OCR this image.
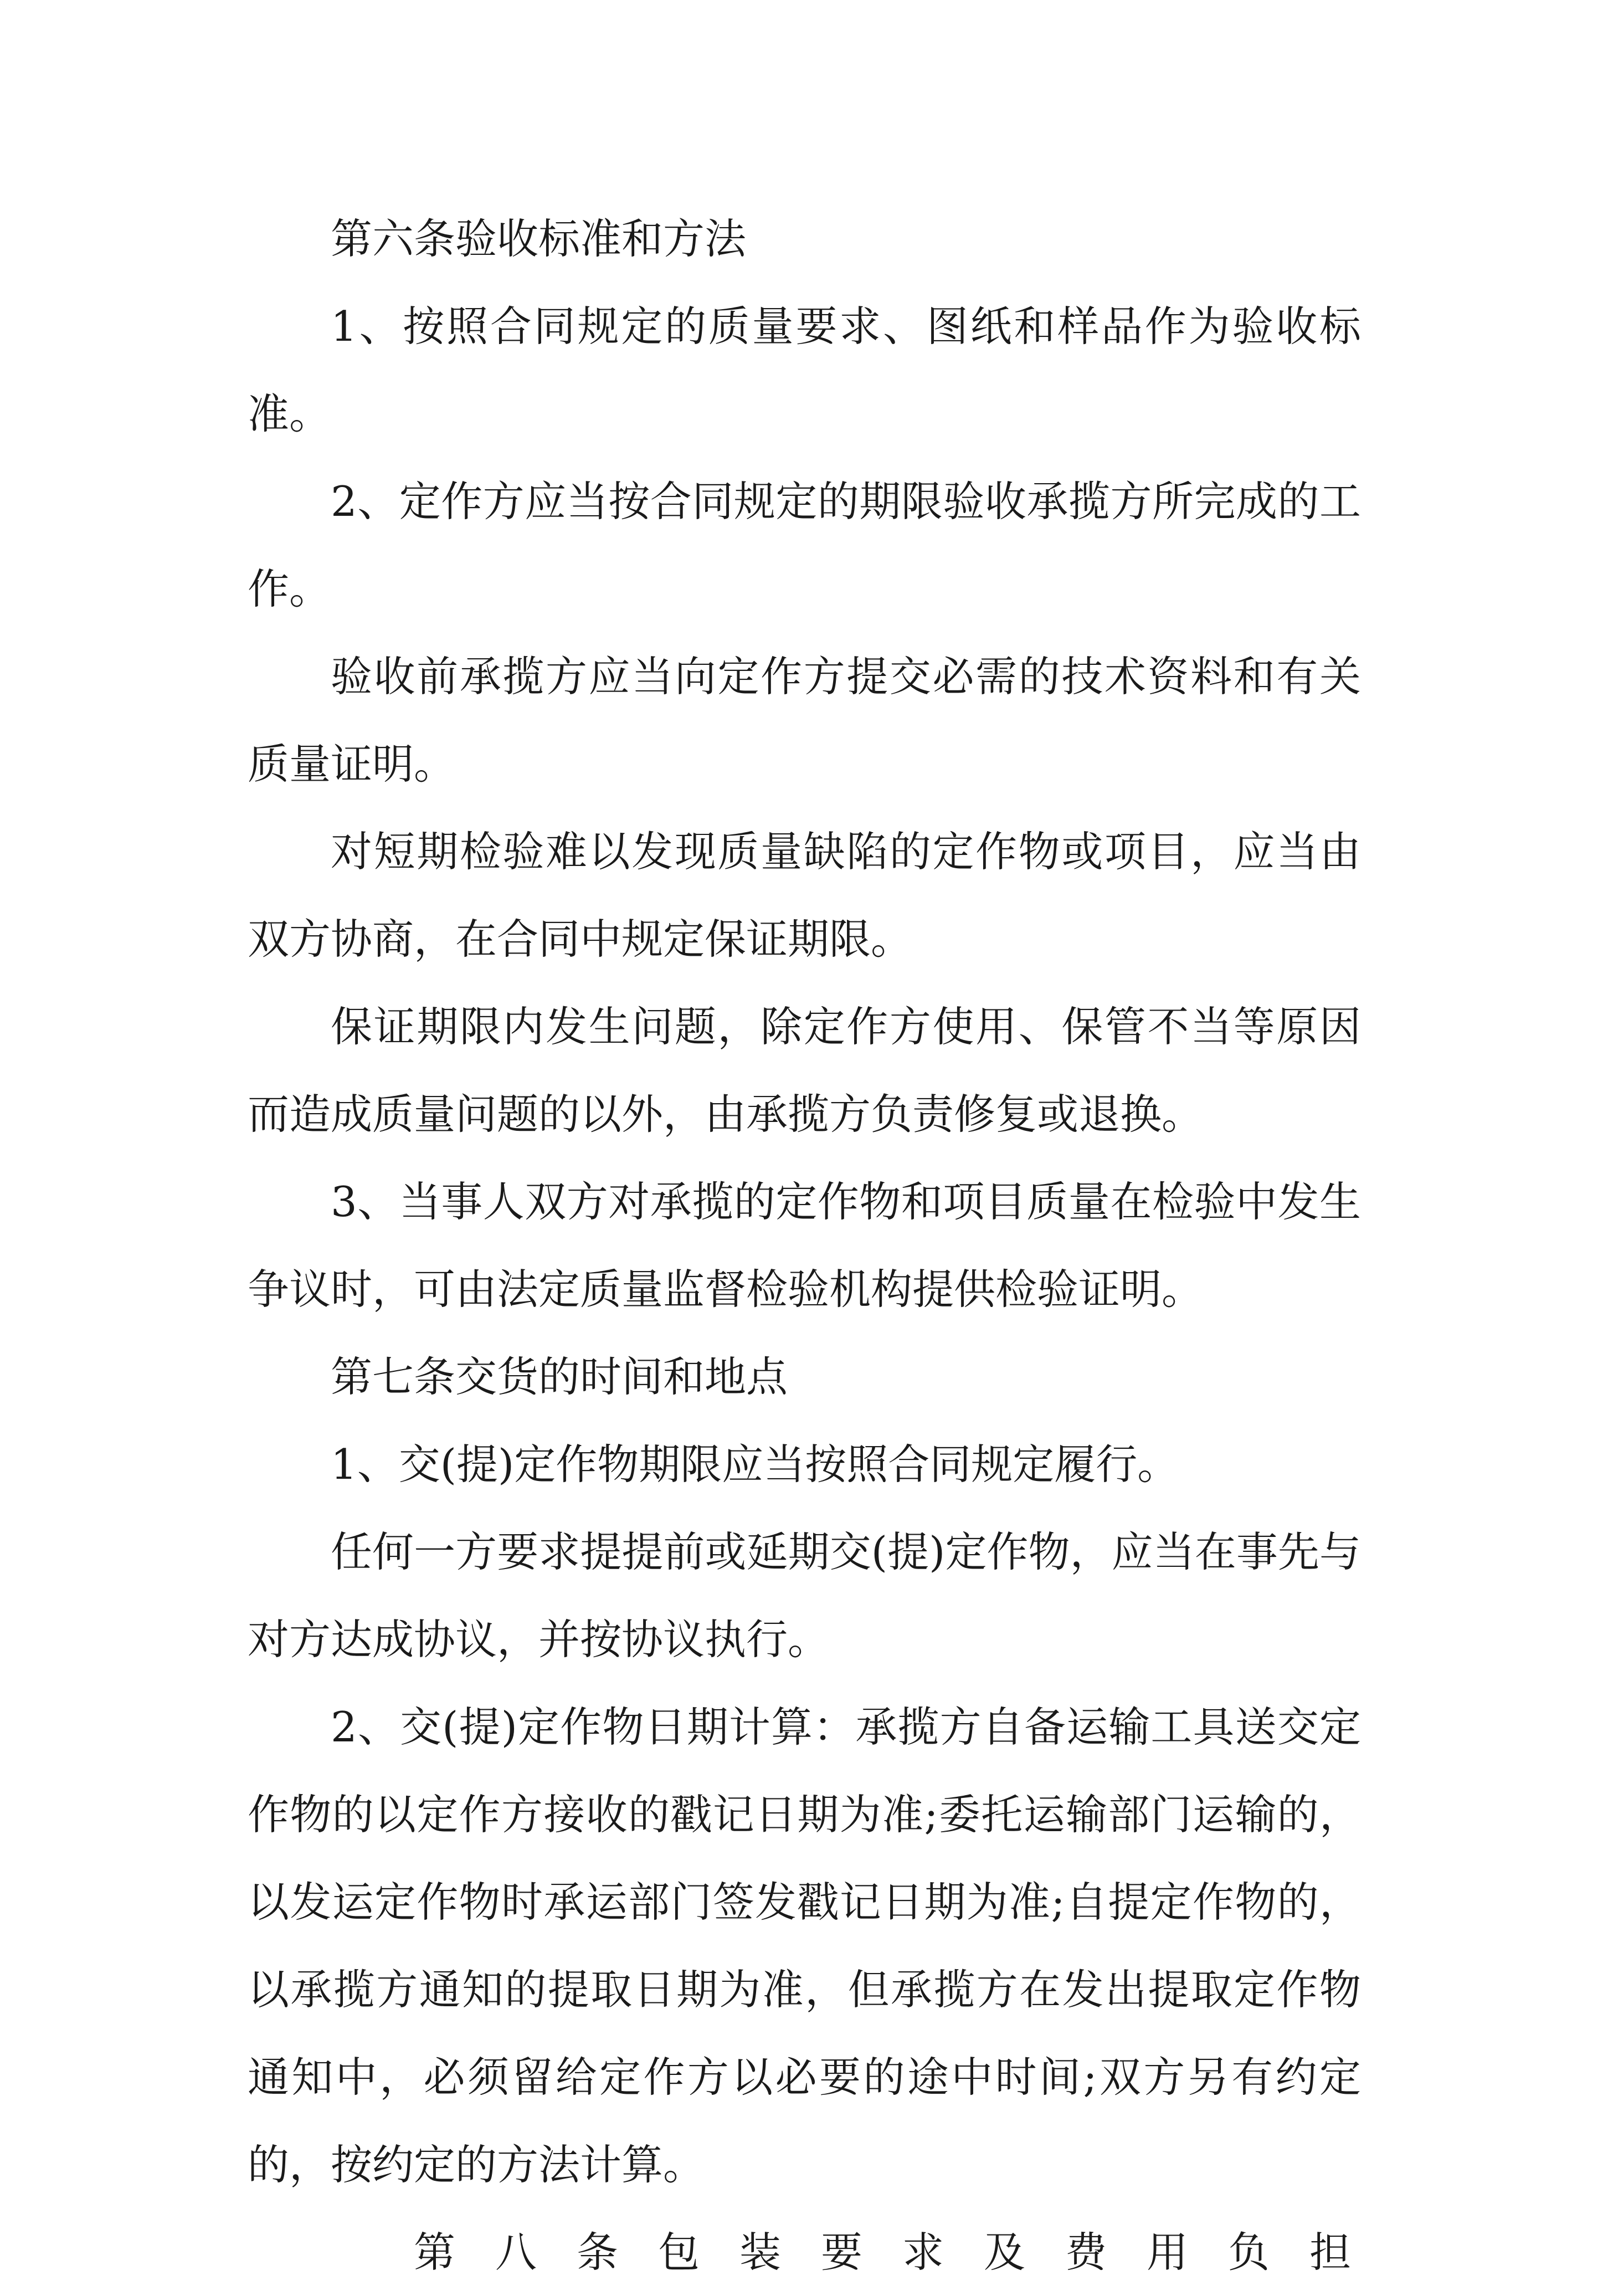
第六条验收标准和方法

1、按照合同规定的质量要求、图纸和样品作为验收标准。

2、定作方应当按合同规定的期限验收承揽方所完成的工作。

验收前承揽方应当向定作方提交必需的技术资料和有关质量证明。

对短期检验难以发现质量缺陷的定作物或项目，应当由双方协商，在合同中规定保证期限。

保证期限内发生问题，除定作方使用、保管不当等原因而造成质量问题的以外，由承揽方负责修复或退换。

3、当事人双方对承揽的定作物和项目质量在检验中发生争议时，可由法定质量监督检验机构提供检验证明。

第七条交货的时间和地点

1、交(提)定作物期限应当按照合同规定履行。

任何一方要求提提前或延期交(提)定作物，应当在事先与对方达成协议，并按协议执行。

2、交(提)定作物日期计算：承揽方自备运输工具送交定作物的以定作方接收的戳记日期为准;委托运输部门运输的，以发运定作物时承运部门签发戳记日期为准;自提定作物的，以承揽方通知的提取日期为准，但承揽方在发出提取定作物通知中，必须留给定作方以必要的途中时间;双方另有约定的，按约定的方法计算。

第八条包装要求及费用负担
